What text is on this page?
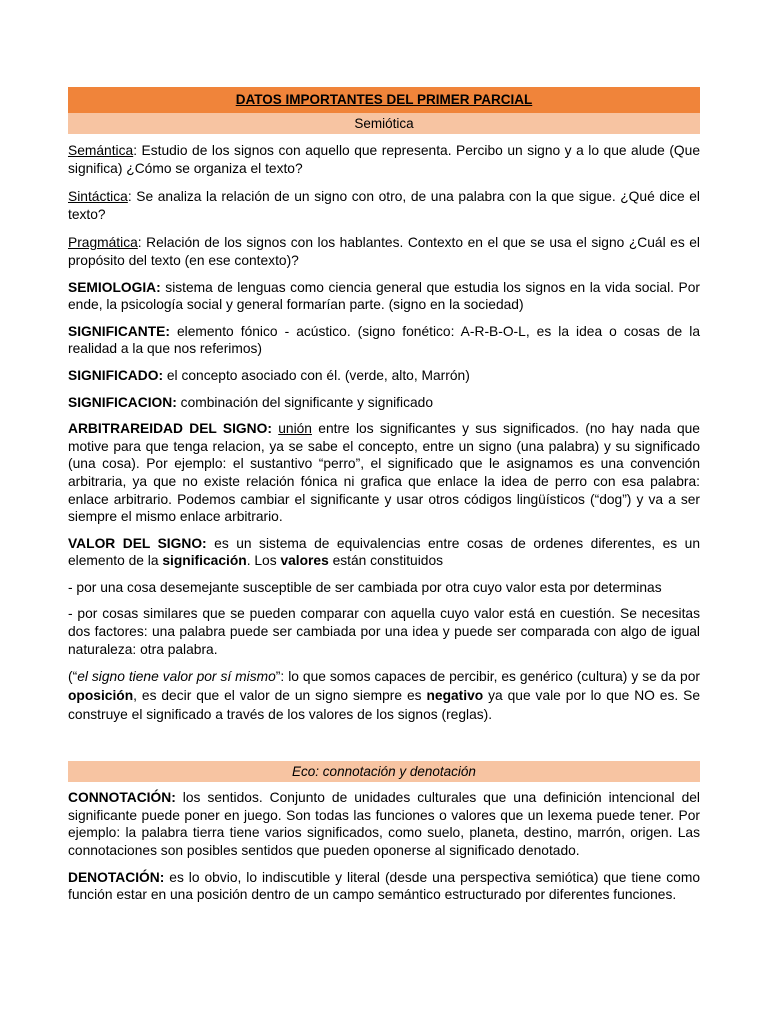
DATOS IMPORTANTES DEL PRIMER PARCIAL
Semiótica

Semántica: Estudio de los signos con aquello que representa. Percibo un signo y a lo que alude (Que significa) ¿Cómo se organiza el texto?

Sintáctica: Se analiza la relación de un signo con otro, de una palabra con la que sigue. ¿Qué dice el texto?

Pragmática: Relación de los signos con los hablantes. Contexto en el que se usa el signo ¿Cuál es el propósito del texto (en ese contexto)?

SEMIOLOGIA: sistema de lenguas como ciencia general que estudia los signos en la vida social. Por ende, la psicología social y general formarían parte. (signo en la sociedad)

SIGNIFICANTE: elemento fónico - acústico. (signo fonético: A-R-B-O-L, es la idea o cosas de la realidad a la que nos referimos)

SIGNIFICADO: el concepto asociado con él. (verde, alto, Marrón)

SIGNIFICACION: combinación del significante y significado

ARBITRAREIDAD DEL SIGNO: unión entre los significantes y sus significados. (no hay nada que motive para que tenga relacion, ya se sabe el concepto, entre un signo (una palabra) y su significado (una cosa). Por ejemplo: el sustantivo “perro”, el significado que le asignamos es una convención arbitraria, ya que no existe relación fónica ni grafica que enlace la idea de perro con esa palabra: enlace arbitrario. Podemos cambiar el significante y usar otros códigos lingüísticos (“dog”) y va a ser siempre el mismo enlace arbitrario.

VALOR DEL SIGNO: es un sistema de equivalencias entre cosas de ordenes diferentes, es un elemento de la significación. Los valores están constituidos

- por una cosa desemejante susceptible de ser cambiada por otra cuyo valor esta por determinas

- por cosas similares que se pueden comparar con aquella cuyo valor está en cuestión. Se necesitas dos factores: una palabra puede ser cambiada por una idea y puede ser comparada con algo de igual naturaleza: otra palabra.

(“el signo tiene valor por sí mismo”: lo que somos capaces de percibir, es genérico (cultura) y se da por oposición, es decir que el valor de un signo siempre es negativo ya que vale por lo que NO es. Se construye el significado a través de los valores de los signos (reglas).

Eco: connotación y denotación

CONNOTACIÓN: los sentidos. Conjunto de unidades culturales que una definición intencional del significante puede poner en juego. Son todas las funciones o valores que un lexema puede tener. Por ejemplo: la palabra tierra tiene varios significados, como suelo, planeta, destino, marrón, origen. Las connotaciones son posibles sentidos que pueden oponerse al significado denotado.

DENOTACIÓN: es lo obvio, lo indiscutible y literal (desde una perspectiva semiótica) que tiene como función estar en una posición dentro de un campo semántico estructurado por diferentes funciones.
